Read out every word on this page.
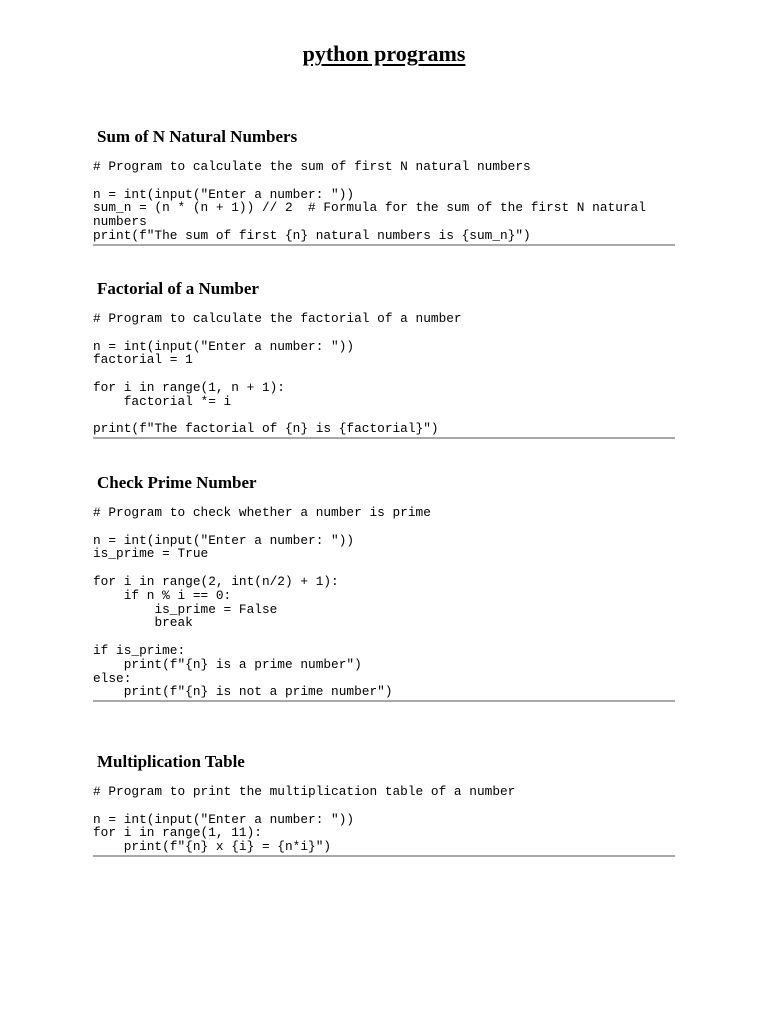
python programs
Sum of N Natural Numbers
# Program to calculate the sum of first N natural numbers

n = int(input("Enter a number: "))
sum_n = (n * (n + 1)) // 2  # Formula for the sum of the first N natural
numbers
print(f"The sum of first {n} natural numbers is {sum_n}")
Factorial of a Number
# Program to calculate the factorial of a number

n = int(input("Enter a number: "))
factorial = 1

for i in range(1, n + 1):
factorial *= i

print(f"The factorial of {n} is {factorial}")
Check Prime Number
# Program to check whether a number is prime

n = int(input("Enter a number: "))
is_prime = True

for i in range(2, int(n/2) + 1):
if n % i == 0:
is_prime = False
break

if is_prime:
print(f"{n} is a prime number")
else:
print(f"{n} is not a prime number")
Multiplication Table
# Program to print the multiplication table of a number

n = int(input("Enter a number: "))
for i in range(1, 11):
print(f"{n} x {i} = {n*i}")
